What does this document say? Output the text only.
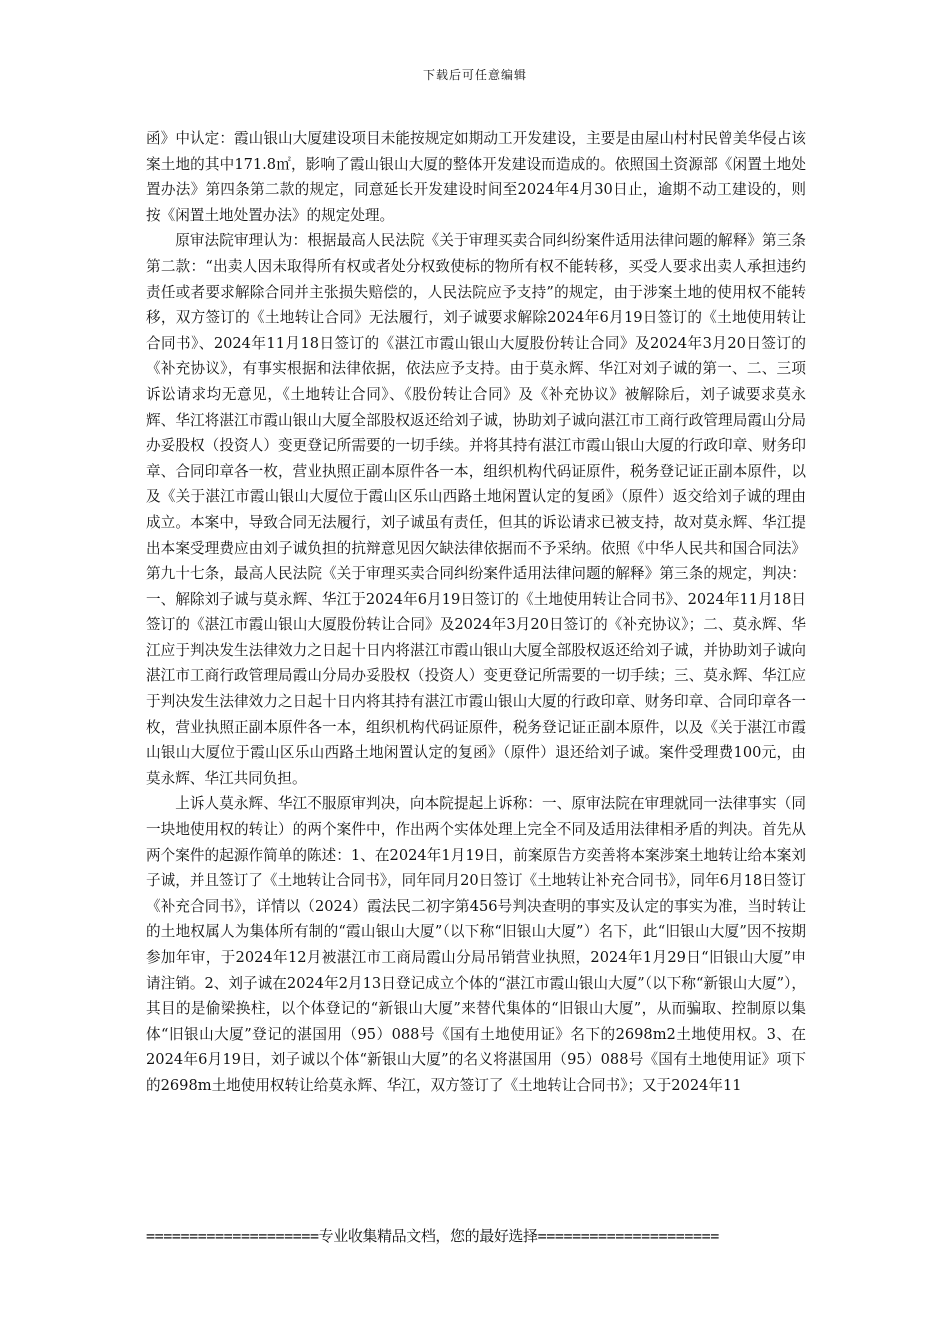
下载后可任意编辑

函》中认定：霞山银山大厦建设项目未能按规定如期动工开发建设，主要是由屋山村村民曾美华侵占该案土地的其中171.8㎡，影响了霞山银山大厦的整体开发建设而造成的。依照国土资源部《闲置土地处置办法》第四条第二款的规定，同意延长开发建设时间至2024年4月30日止，逾期不动工建设的，则按《闲置土地处置办法》的规定处理。

原审法院审理认为：根据最高人民法院《关于审理买卖合同纠纷案件适用法律问题的解释》第三条第二款：“出卖人因未取得所有权或者处分权致使标的物所有权不能转移，买受人要求出卖人承担违约责任或者要求解除合同并主张损失赔偿的，人民法院应予支持”的规定，由于涉案土地的使用权不能转移，双方签订的《土地转让合同》无法履行，刘子诚要求解除2024年6月19日签订的《土地使用转让合同书》、2024年11月18日签订的《湛江市霞山银山大厦股份转让合同》及2024年3月20日签订的《补充协议》，有事实根据和法律依据，依法应予支持。由于莫永辉、华江对刘子诚的第一、二、三项诉讼请求均无意见，《土地转让合同》、《股份转让合同》及《补充协议》被解除后，刘子诚要求莫永辉、华江将湛江市霞山银山大厦全部股权返还给刘子诚，协助刘子诚向湛江市工商行政管理局霞山分局办妥股权（投资人）变更登记所需要的一切手续。并将其持有湛江市霞山银山大厦的行政印章、财务印章、合同印章各一枚，营业执照正副本原件各一本，组织机构代码证原件，税务登记证正副本原件，以及《关于湛江市霞山银山大厦位于霞山区乐山西路土地闲置认定的复函》（原件）返交给刘子诚的理由成立。本案中，导致合同无法履行，刘子诚虽有责任，但其的诉讼请求已被支持，故对莫永辉、华江提出本案受理费应由刘子诚负担的抗辩意见因欠缺法律依据而不予采纳。依照《中华人民共和国合同法》第九十七条，最高人民法院《关于审理买卖合同纠纷案件适用法律问题的解释》第三条的规定，判决：一、解除刘子诚与莫永辉、华江于2024年6月19日签订的《土地使用转让合同书》、2024年11月18日签订的《湛江市霞山银山大厦股份转让合同》及2024年3月20日签订的《补充协议》；二、莫永辉、华江应于判决发生法律效力之日起十日内将湛江市霞山银山大厦全部股权返还给刘子诚，并协助刘子诚向湛江市工商行政管理局霞山分局办妥股权（投资人）变更登记所需要的一切手续；三、莫永辉、华江应于判决发生法律效力之日起十日内将其持有湛江市霞山银山大厦的行政印章、财务印章、合同印章各一枚，营业执照正副本原件各一本，组织机构代码证原件，税务登记证正副本原件，以及《关于湛江市霞山银山大厦位于霞山区乐山西路土地闲置认定的复函》（原件）退还给刘子诚。案件受理费100元，由莫永辉、华江共同负担。

上诉人莫永辉、华江不服原审判决，向本院提起上诉称：一、原审法院在审理就同一法律事实（同一块地使用权的转让）的两个案件中，作出两个实体处理上完全不同及适用法律相矛盾的判决。首先从两个案件的起源作简单的陈述：1、在2024年1月19日，前案原告方奕善将本案涉案土地转让给本案刘子诚，并且签订了《土地转让合同书》，同年同月20日签订《土地转让补充合同书》，同年6月18日签订《补充合同书》，详情以（2024）霞法民二初字第456号判决查明的事实及认定的事实为准，当时转让的土地权属人为集体所有制的“霞山银山大厦”（以下称“旧银山大厦”）名下，此“旧银山大厦”因不按期参加年审，于2024年12月被湛江市工商局霞山分局吊销营业执照，2024年1月29日“旧银山大厦”申请注销。2、刘子诚在2024年2月13日登记成立个体的“湛江市霞山银山大厦”（以下称“新银山大厦”），其目的是偷梁换柱，以个体登记的“新银山大厦”来替代集体的“旧银山大厦”，从而骗取、控制原以集体“旧银山大厦”登记的湛国用（95）088号《国有土地使用证》名下的2698m2土地使用权。3、在2024年6月19日，刘子诚以个体“新银山大厦”的名义将湛国用（95）088号《国有土地使用证》项下的2698m土地使用权转让给莫永辉、华江，双方签订了《土地转让合同书》；又于2024年11

====================专业收集精品文档，您的最好选择=====================
